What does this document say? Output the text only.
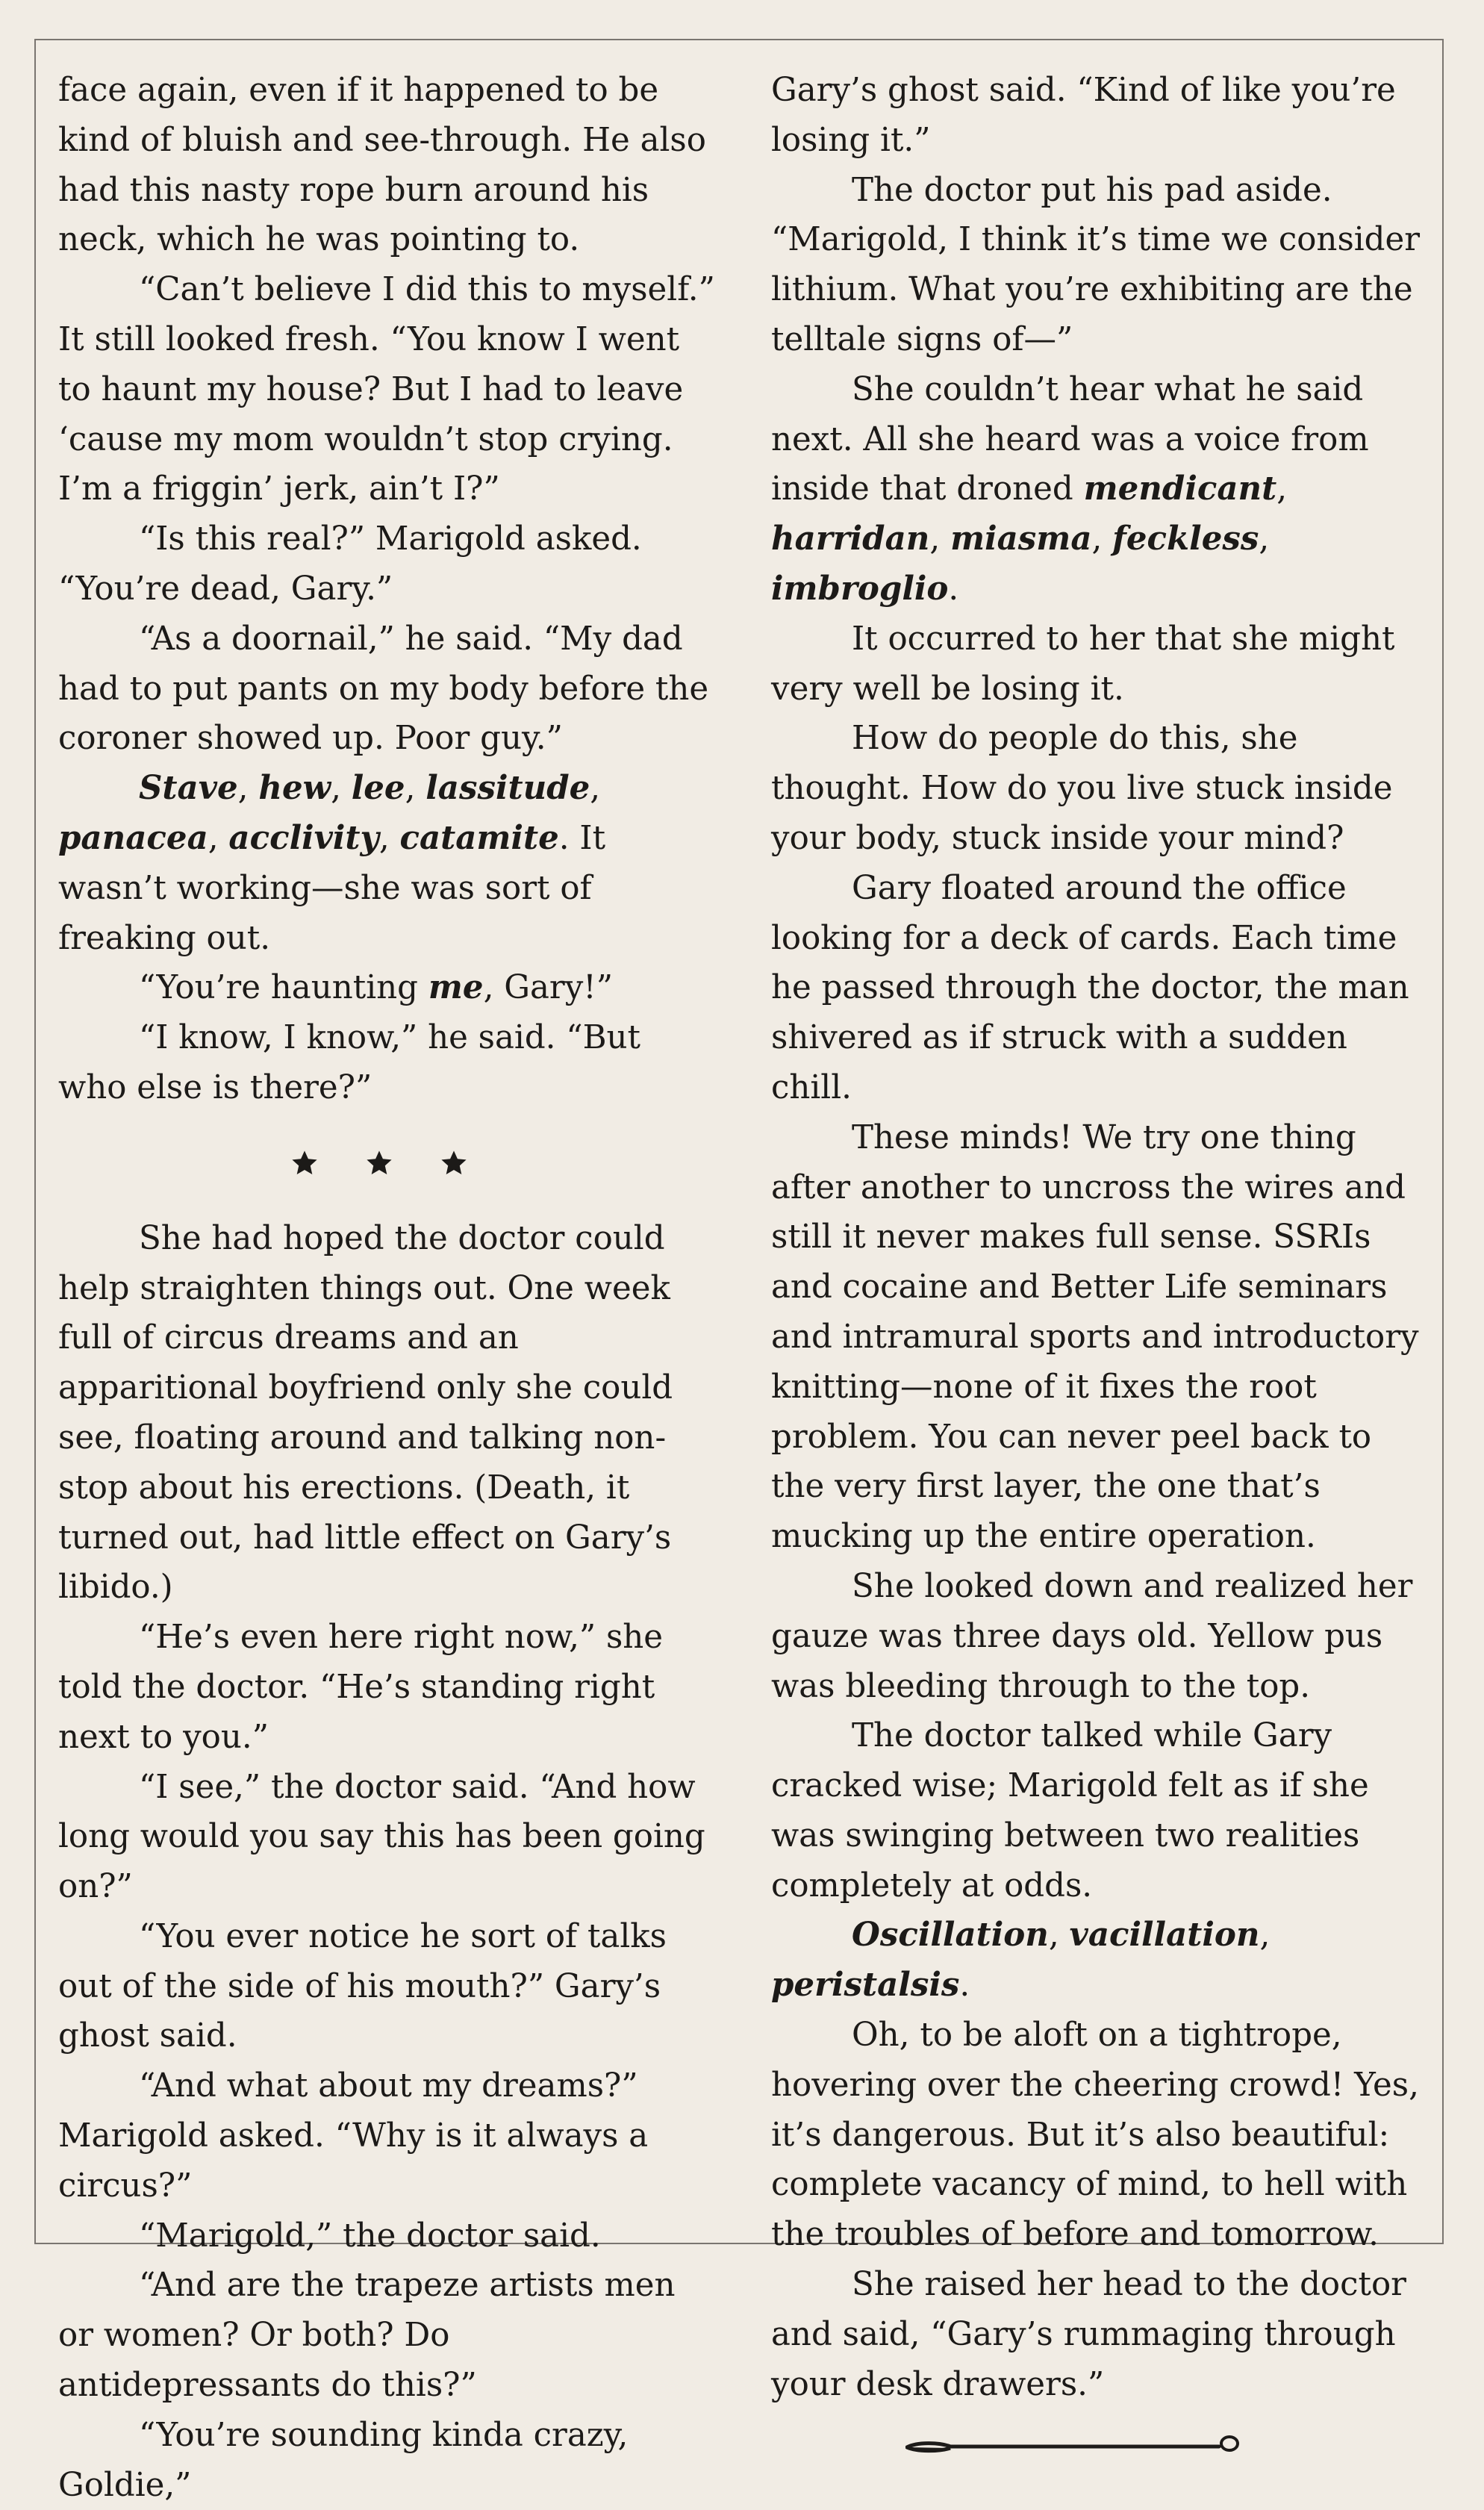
face again, even if it happened to be kind of bluish and see-through. He also had this nasty rope burn around his neck, which he was pointing to.

“Can’t believe I did this to myself.” It still looked fresh. “You know I went to haunt my house? But I had to leave ‘cause my mom wouldn’t stop crying. I’m a friggin’ jerk, ain’t I?”

“Is this real?” Marigold asked. “You’re dead, Gary.”

“As a doornail,” he said. “My dad had to put pants on my body before the coroner showed up. Poor guy.”

Stave, hew, lee, lassitude, panacea, acclivity, catamite. It wasn’t working—she was sort of freaking out.

“You’re haunting me, Gary!”

“I know, I know,” he said. “But who else is there?”

She had hoped the doctor could help straighten things out. One week full of circus dreams and an apparitional boyfriend only she could see, floating around and talking non-stop about his erections. (Death, it turned out, had little effect on Gary’s libido.)

“He’s even here right now,” she told the doctor. “He’s standing right next to you.”

“I see,” the doctor said. “And how long would you say this has been going on?”

“You ever notice he sort of talks out of the side of his mouth?” Gary’s ghost said.

“And what about my dreams?” Marigold asked. “Why is it always a circus?”

“Marigold,” the doctor said.

“And are the trapeze artists men or women? Or both? Do antidepressants do this?”

“You’re sounding kinda crazy, Goldie,”

Gary’s ghost said. “Kind of like you’re losing it.”

The doctor put his pad aside. “Marigold, I think it’s time we consider lithium. What you’re exhibiting are the telltale signs of—”

She couldn’t hear what he said next. All she heard was a voice from inside that droned mendicant, harridan, miasma, feckless, imbroglio.

It occurred to her that she might very well be losing it.

How do people do this, she thought. How do you live stuck inside your body, stuck inside your mind?

Gary floated around the office looking for a deck of cards. Each time he passed through the doctor, the man shivered as if struck with a sudden chill.

These minds! We try one thing after another to uncross the wires and still it never makes full sense. SSRIs and cocaine and Better Life seminars and intramural sports and introductory knitting—none of it fixes the root problem. You can never peel back to the very first layer, the one that’s mucking up the entire operation.

She looked down and realized her gauze was three days old. Yellow pus was bleeding through to the top.

The doctor talked while Gary cracked wise; Marigold felt as if she was swinging between two realities completely at odds.

Oscillation, vacillation, peristalsis.

Oh, to be aloft on a tightrope, hovering over the cheering crowd! Yes, it’s dangerous. But it’s also beautiful: complete vacancy of mind, to hell with the troubles of before and tomorrow.

She raised her head to the doctor and said, “Gary’s rummaging through your desk drawers.”
